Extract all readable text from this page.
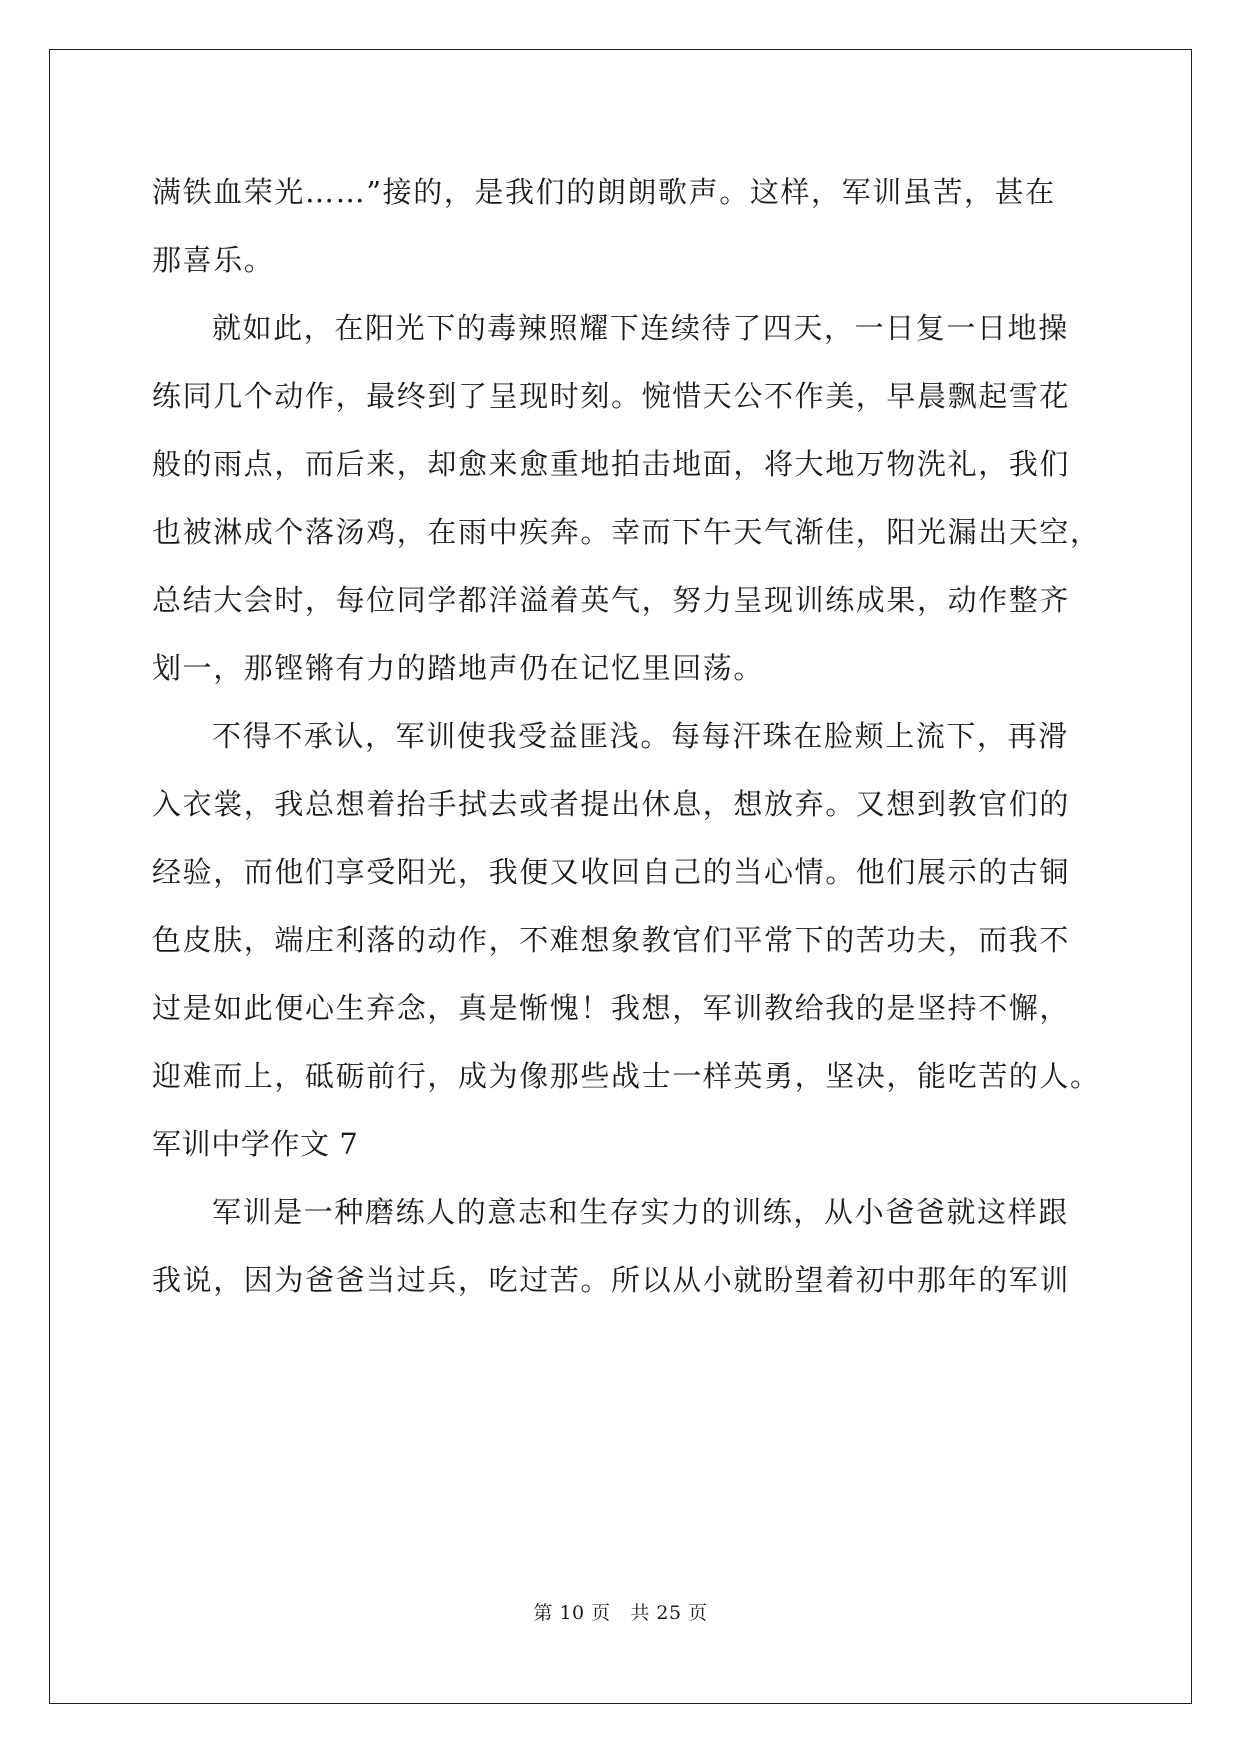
满铁血荣光……”接的，是我们的朗朗歌声。这样，军训虽苦，甚在
那喜乐。
就如此，在阳光下的毒辣照耀下连续待了四天，一日复一日地操
练同几个动作，最终到了呈现时刻。惋惜天公不作美，早晨飘起雪花
般的雨点，而后来，却愈来愈重地拍击地面，将大地万物洗礼，我们
也被淋成个落汤鸡，在雨中疾奔。幸而下午天气渐佳，阳光漏出天空，
总结大会时，每位同学都洋溢着英气，努力呈现训练成果，动作整齐
划一，那铿锵有力的踏地声仍在记忆里回荡。
不得不承认，军训使我受益匪浅。每每汗珠在脸颊上流下，再滑
入衣裳，我总想着抬手拭去或者提出休息，想放弃。又想到教官们的
经验，而他们享受阳光，我便又收回自己的当心情。他们展示的古铜
色皮肤，端庄利落的动作，不难想象教官们平常下的苦功夫，而我不
过是如此便心生弃念，真是惭愧！我想，军训教给我的是坚持不懈，
迎难而上，砥砺前行，成为像那些战士一样英勇，坚决，能吃苦的人。
军训中学作文 7
军训是一种磨练人的意志和生存实力的训练，从小爸爸就这样跟
我说，因为爸爸当过兵，吃过苦。所以从小就盼望着初中那年的军训
第 10 页 共 25 页
